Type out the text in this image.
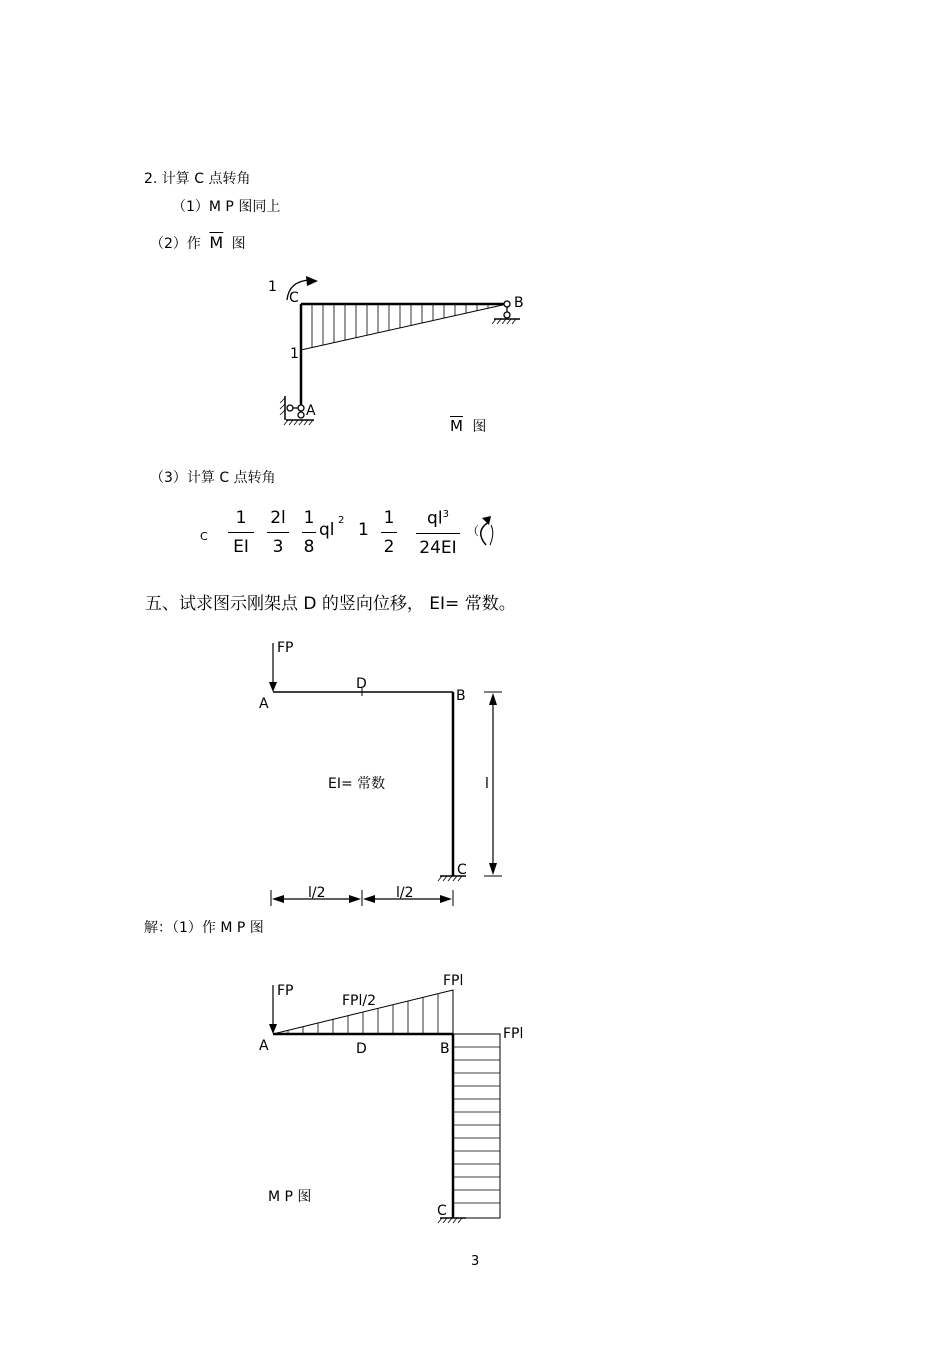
2. 计算 C 点转角
（1）M P 图同上
（2）作 $\overline{M}$ 图
1
C	B
1
A
$\overline{M}$ 图
（3）计算 C 点转角
C
1
EI
2l
3
1
8
ql 2 1
1
2
$ql^3$
24EI
（
五、试求图示刚架点 D 的竖向位移， EI= 常数。
FP
A
D
B
C
EI= 常数	l
l/2	l/2
解：（1）作 M P 图
FP
FPl/2
FPl
FPl
A	D	B
C
M P 图
3
